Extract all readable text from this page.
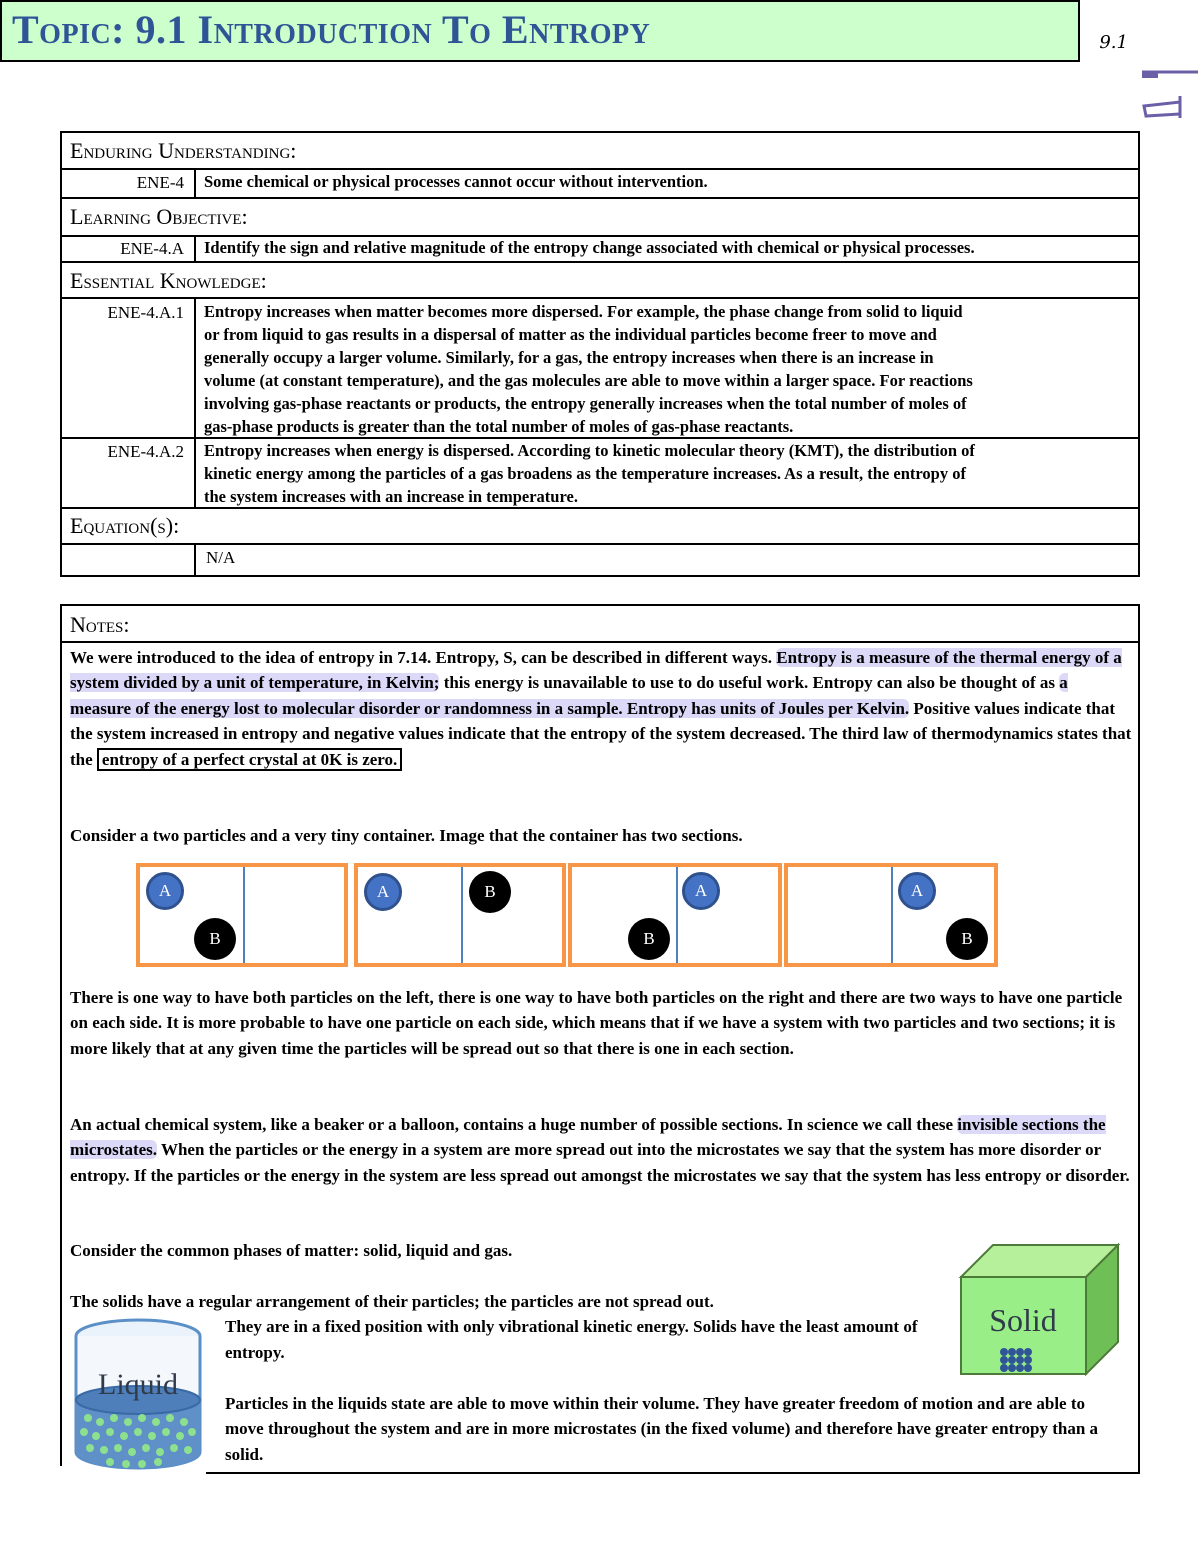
9.1
Topic: 9.1 Introduction To Entropy
Enduring Understanding:
ENE-4 Some chemical or physical processes cannot occur without intervention.
Learning Objective:
ENE-4.A Identify the sign and relative magnitude of the entropy change associated with chemical or physical processes.
Essential Knowledge:
ENE-4.A.1 Entropy increases when matter becomes more dispersed. For example, the phase change from solid to liquid
or from liquid to gas results in a dispersal of matter as the individual particles become freer to move and
generally occupy a larger volume. Similarly, for a gas, the entropy increases when there is an increase in
volume (at constant temperature), and the gas molecules are able to move within a larger space. For reactions
involving gas-phase reactants or products, the entropy generally increases when the total number of moles of
gas-phase products is greater than the total number of moles of gas-phase reactants.
ENE-4.A.2 Entropy increases when energy is dispersed. According to kinetic molecular theory (KMT), the distribution of
kinetic energy among the particles of a gas broadens as the temperature increases. As a result, the entropy of
the system increases with an increase in temperature.
Equation(s):
N/A
Notes:
We were introduced to the idea of entropy in 7.14. Entropy, S, can be described in different ways. Entropy is a measure of the thermal energy of a system divided by a unit of temperature, in Kelvin; this energy is unavailable to use to do useful work. Entropy can also be thought of as a measure of the energy lost to molecular disorder or randomness in a sample. Entropy has units of Joules per Kelvin. Positive values indicate that the system increased in entropy and negative values indicate that the entropy of the system decreased. The third law of thermodynamics states that the entropy of a perfect crystal at 0K is zero.
Consider a two particles and a very tiny container. Image that the container has two sections.
A
B
A	B	A
B
A
B
There is one way to have both particles on the left, there is one way to have both particles on the right and there are two ways to have one particle on each side. It is more probable to have one particle on each side, which means that if we have a system with two particles and two sections; it is more likely that at any given time the particles will be spread out so that there is one in each section.
An actual chemical system, like a beaker or a balloon, contains a huge number of possible sections. In science we call these invisible sections the microstates. When the particles or the energy in a system are more spread out into the microstates we say that the system has more disorder or entropy. If the particles or the energy in the system are less spread out amongst the microstates we say that the system has less entropy or disorder.
Consider the common phases of matter: solid, liquid and gas.
The solids have a regular arrangement of their particles; the particles are not spread out.
They are in a fixed position with only vibrational kinetic energy. Solids have the least amount of entropy.
Particles in the liquids state are able to move within their volume. They have greater freedom of motion and are able to move throughout the system and are in more microstates (in the fixed volume) and therefore have greater entropy than a solid.
Solid
Liquid
